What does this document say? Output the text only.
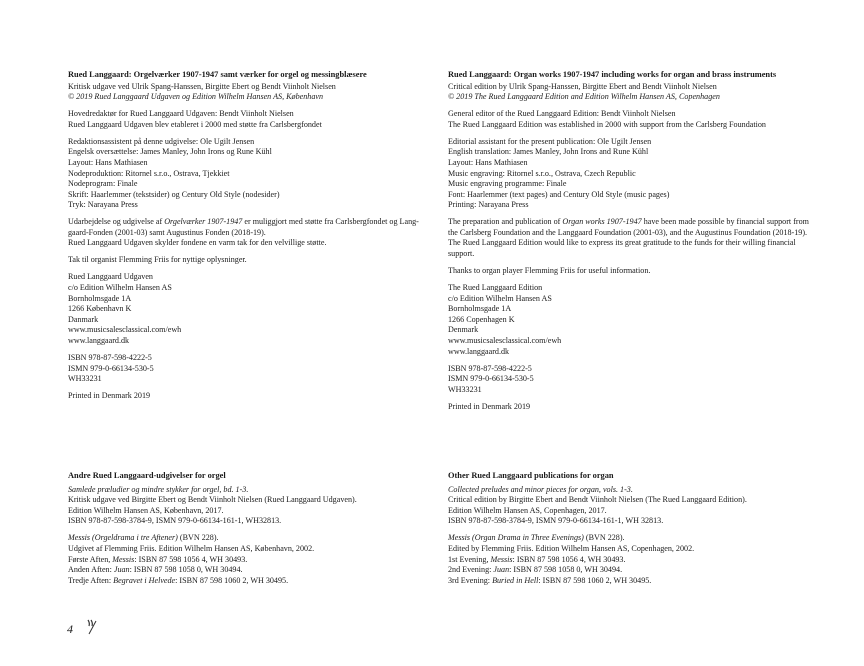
Rued Langgaard: Orgelværker 1907-1947 samt værker for orgel og messingblæsere
Kritisk udgave ved Ulrik Spang-Hanssen, Birgitte Ebert og Bendt Viinholt Nielsen
© 2019 Rued Langgaard Udgaven og Edition Wilhelm Hansen AS, København
Hovedredaktør for Rued Langgaard Udgaven: Bendt Viinholt Nielsen
Rued Langgaard Udgaven blev etableret i 2000 med støtte fra Carlsbergfondet
Redaktionsassistent på denne udgivelse: Ole Ugilt Jensen
Engelsk oversættelse: James Manley, John Irons og Rune Kühl
Layout: Hans Mathiasen
Nodeproduktion: Ritornel s.r.o., Ostrava, Tjekkiet
Nodeprogram: Finale
Skrift: Haarlemmer (tekstsider) og Century Old Style (nodesider)
Tryk: Narayana Press
Udarbejdelse og udgivelse af Orgelværker 1907-1947 er muliggjort med støtte fra Carlsbergfondet og Lang-gaard-Fonden (2001-03) samt Augustinus Fonden (2018-19).
Rued Langgaard Udgaven skylder fondene en varm tak for den velvillige støtte.
Tak til organist Flemming Friis for nyttige oplysninger.
Rued Langgaard Udgaven
c/o Edition Wilhelm Hansen AS
Bornholmsgade 1A
1266 København K
Danmark
www.musicsalesclassical.com/ewh
www.langgaard.dk
ISBN 978-87-598-4222-5
ISMN 979-0-66134-530-5
WH33231
Printed in Denmark 2019
Rued Langgaard: Organ works 1907-1947 including works for organ and brass instruments
Critical edition by Ulrik Spang-Hanssen, Birgitte Ebert and Bendt Viinholt Nielsen
© 2019 The Rued Langgaard Edition and Edition Wilhelm Hansen AS, Copenhagen
General editor of the Rued Langgaard Edition: Bendt Viinholt Nielsen
The Rued Langgaard Edition was established in 2000 with support from the Carlsberg Foundation
Editorial assistant for the present publication: Ole Ugilt Jensen
English translation: James Manley, John Irons and Rune Kühl
Layout: Hans Mathiasen
Music engraving: Ritornel s.r.o., Ostrava, Czech Republic
Music engraving programme: Finale
Font: Haarlemmer (text pages) and Century Old Style (music pages)
Printing: Narayana Press
The preparation and publication of Organ works 1907-1947 have been made possible by financial support from the Carlsberg Foundation and the Langgaard Foundation (2001-03), and the Augustinus Foundation (2018-19).
The Rued Langgaard Edition would like to express its great gratitude to the funds for their willing financial support.
Thanks to organ player Flemming Friis for useful information.
The Rued Langgaard Edition
c/o Edition Wilhelm Hansen AS
Bornholmsgade 1A
1266 Copenhagen K
Denmark
www.musicsalesclassical.com/ewh
www.langgaard.dk
ISBN 978-87-598-4222-5
ISMN 979-0-66134-530-5
WH33231
Printed in Denmark 2019
Andre Rued Langgaard-udgivelser for orgel
Samlede præludier og mindre stykker for orgel, bd. 1-3.
Kritisk udgave ved Birgitte Ebert og Bendt Viinholt Nielsen (Rued Langgaard Udgaven).
Edition Wilhelm Hansen AS, København, 2017.
ISBN 978-87-598-3784-9, ISMN 979-0-66134-161-1, WH32813.
Messis (Orgeldrama i tre Aftener) (BVN 228).
Udgivet af Flemming Friis. Edition Wilhelm Hansen AS, København, 2002.
Første Aften, Messis: ISBN 87 598 1056 4, WH 30493.
Anden Aften: Juan: ISBN 87 598 1058 0, WH 30494.
Tredje Aften: Begravet i Helvede: ISBN 87 598 1060 2, WH 30495.
Other Rued Langgaard publications for organ
Collected preludes and minor pieces for organ, vols. 1-3.
Critical edition by Birgitte Ebert and Bendt Viinholt Nielsen (The Rued Langgaard Edition).
Edition Wilhelm Hansen AS, Copenhagen, 2017.
ISBN 978-87-598-3784-9, ISMN 979-0-66134-161-1, WH 32813.
Messis (Organ Drama in Three Evenings) (BVN 228).
Edited by Flemming Friis. Edition Wilhelm Hansen AS, Copenhagen, 2002.
1st Evening, Messis: ISBN 87 598 1056 4, WH 30493.
2nd Evening: Juan: ISBN 87 598 1058 0, WH 30494.
3rd Evening: Buried in Hell: ISBN 87 598 1060 2, WH 30495.
4
